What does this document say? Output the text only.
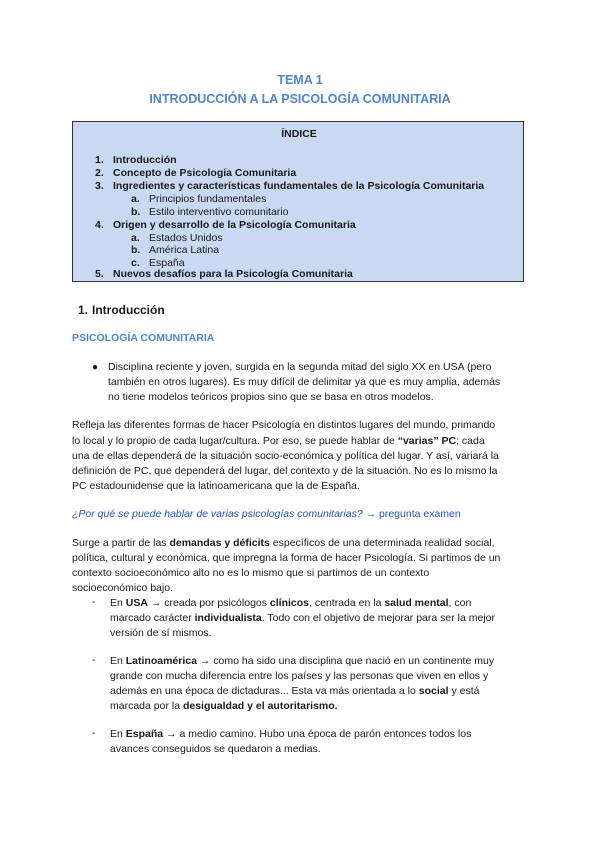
TEMA 1
INTRODUCCIÓN A LA PSICOLOGÍA COMUNITARIA
ÍNDICE
1. Introducción
2. Concepto de Psicología Comunitaria
3. Ingredientes y características fundamentales de la Psicología Comunitaria
a. Principios fundamentales
b. Estilo interventivo comunitario
4. Origen y desarrollo de la Psicología Comunitaria
a. Estados Unidos
b. América Latina
c. España
5. Nuevos desafíos para la Psicología Comunitaria
1. Introducción
PSICOLOGÍA COMUNITARIA
● Disciplina reciente y joven, surgida en la segunda mitad del siglo XX en USA (pero
también en otros lugares). Es muy difícil de delimitar ya que es muy amplia, además
no tiene modelos teóricos propios sino que se basa en otros modelos.
Refleja las diferentes formas de hacer Psicología en distintos lugares del mundo, primando
lo local y lo propio de cada lugar/cultura. Por eso, se puede hablar de “varias” PC; cada
una de ellas dependerá de la situación socio-económica y política del lugar. Y así, variará la
definición de PC, que dependerá del lugar, del contexto y de la situación. No es lo mismo la
PC estadounidense que la latinoamericana que la de España.
¿Por qué se puede hablar de varias psicologías comunitarias? → pregunta examen
Surge a partir de las demandas y déficits específicos de una determinada realidad social,
política, cultural y económica, que impregna la forma de hacer Psicología. Si partimos de un
contexto socioeconómico alto no es lo mismo que si partimos de un contexto
socioeconómico bajo.
- En USA → creada por psicólogos clínicos, centrada en la salud mental, con
marcado carácter individualista. Todo con el objetivo de mejorar para ser la mejor
versión de sí mismos.
- En Latinoamérica → como ha sido una disciplina que nació en un continente muy
grande con mucha diferencia entre los países y las personas que viven en ellos y
además en una época de dictaduras... Esta va más orientada a lo social y está
marcada por la desigualdad y el autoritarismo.
- En España → a medio camino. Hubo una época de parón entonces todos los
avances conseguidos se quedaron a medias.
